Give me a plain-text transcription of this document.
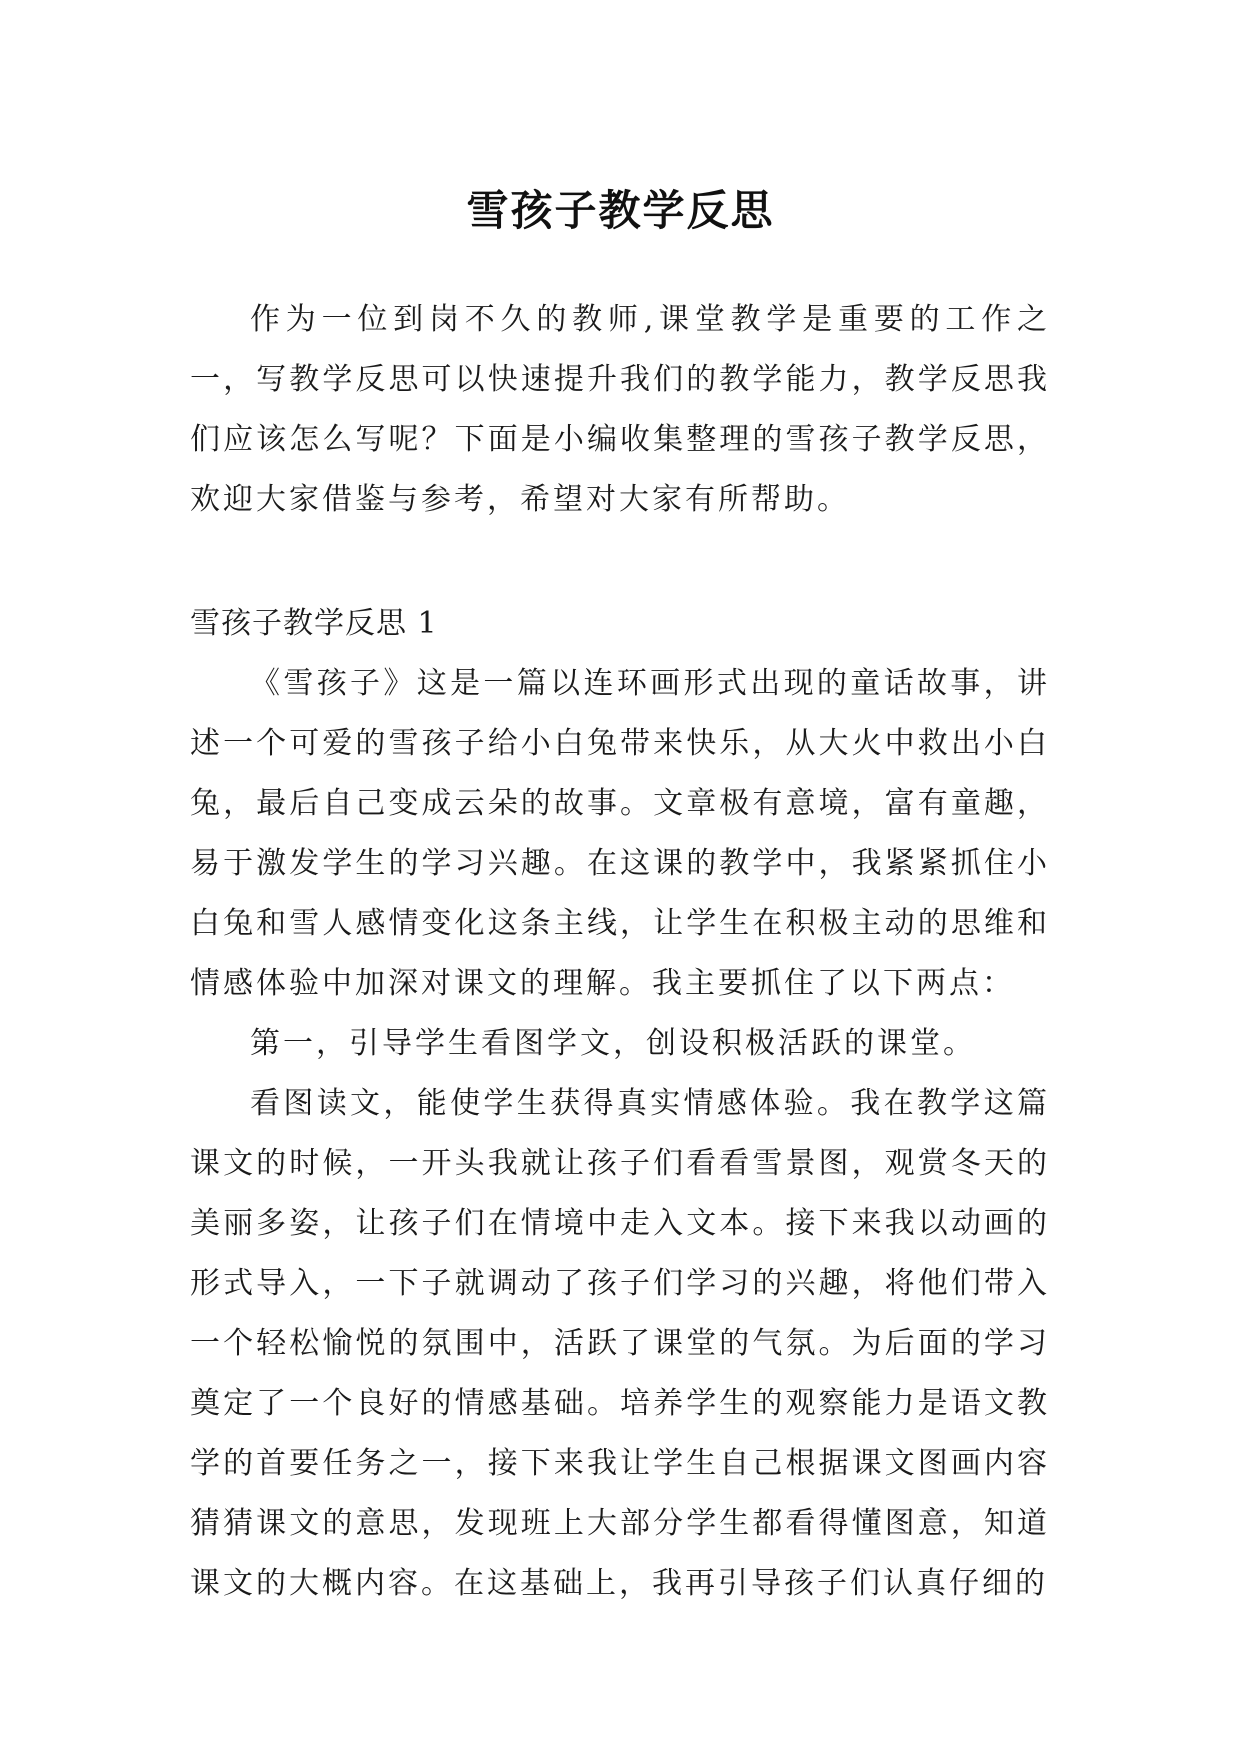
雪孩子教学反思

作为一位到岗不久的教师,课堂教学是重要的工作之一，写教学反思可以快速提升我们的教学能力，教学反思我们应该怎么写呢？下面是小编收集整理的雪孩子教学反思，欢迎大家借鉴与参考，希望对大家有所帮助。

雪孩子教学反思 1

《雪孩子》这是一篇以连环画形式出现的童话故事，讲述一个可爱的雪孩子给小白兔带来快乐，从大火中救出小白兔，最后自己变成云朵的故事。文章极有意境，富有童趣，易于激发学生的学习兴趣。在这课的教学中，我紧紧抓住小白兔和雪人感情变化这条主线，让学生在积极主动的思维和情感体验中加深对课文的理解。我主要抓住了以下两点：

第一，引导学生看图学文，创设积极活跃的课堂。

看图读文，能使学生获得真实情感体验。我在教学这篇课文的时候，一开头我就让孩子们看看雪景图，观赏冬天的美丽多姿，让孩子们在情境中走入文本。接下来我以动画的形式导入，一下子就调动了孩子们学习的兴趣，将他们带入一个轻松愉悦的氛围中，活跃了课堂的气氛。为后面的学习奠定了一个良好的情感基础。培养学生的观察能力是语文教学的首要任务之一，接下来我让学生自己根据课文图画内容猜猜课文的意思，发现班上大部分学生都看得懂图意，知道课文的大概内容。在这基础上，我再引导孩子们认真仔细的
